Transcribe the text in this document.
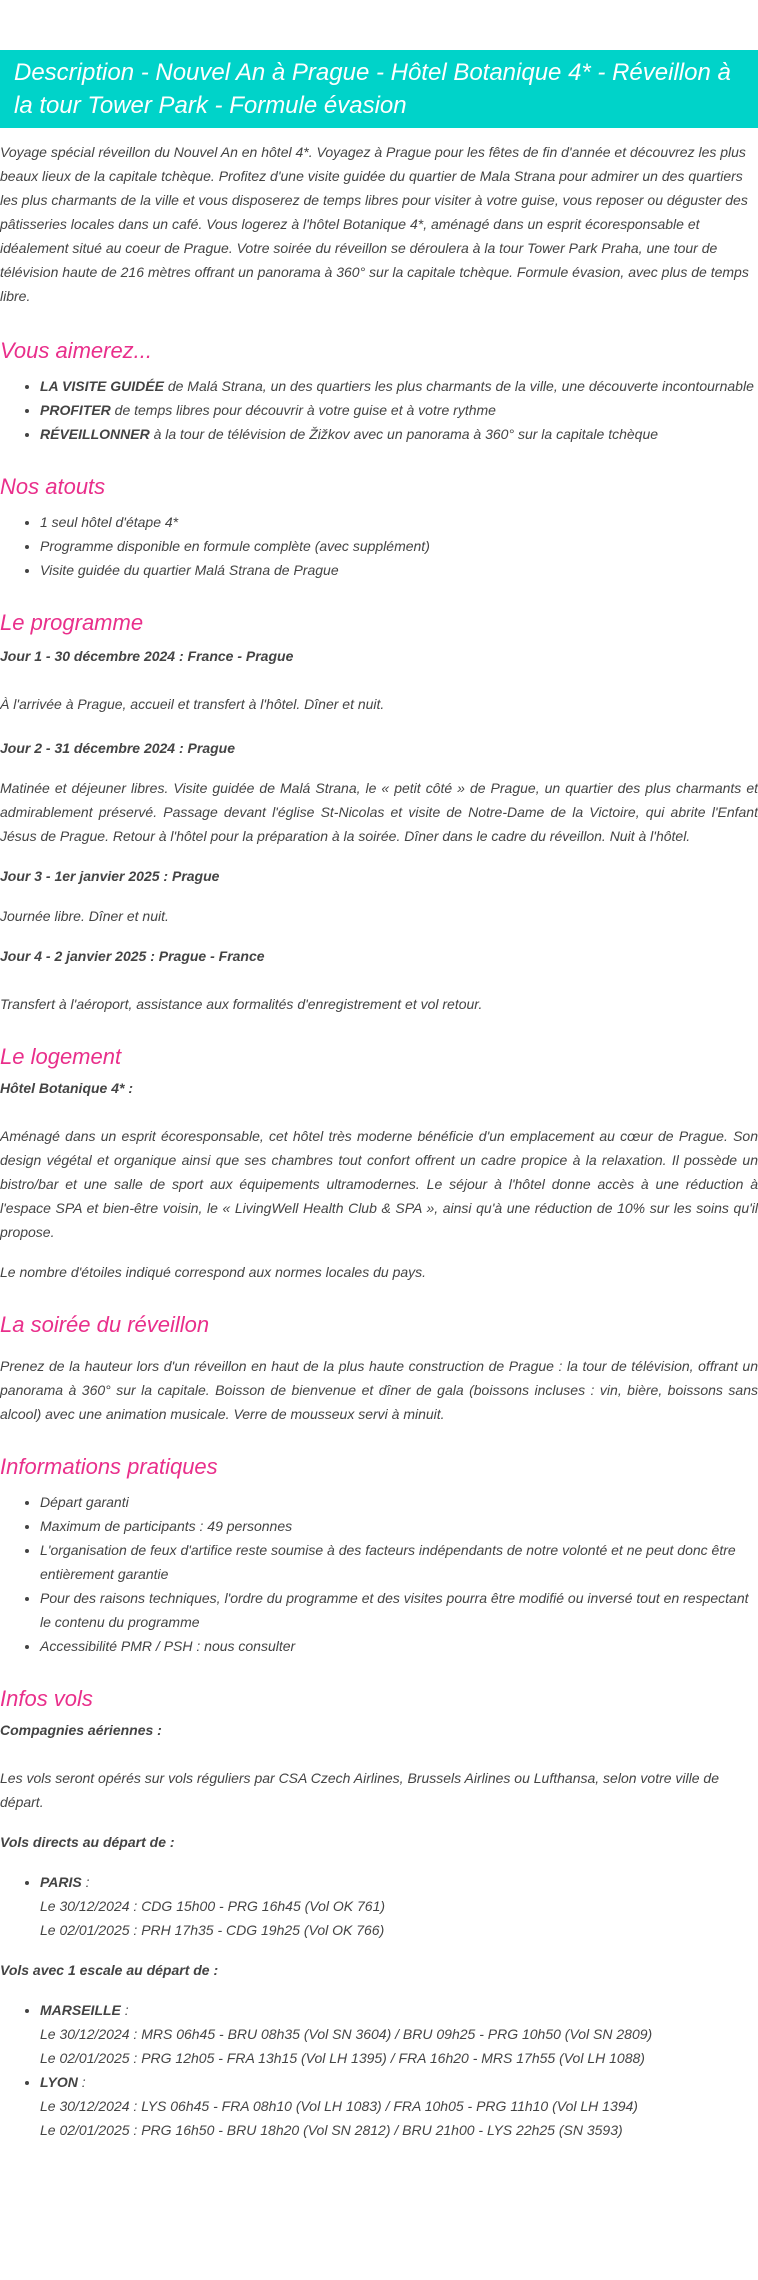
Description - Nouvel An à Prague - Hôtel Botanique 4* - Réveillon à la tour Tower Park - Formule évasion

Voyage spécial réveillon du Nouvel An en hôtel 4*. Voyagez à Prague pour les fêtes de fin d'année et découvrez les plus beaux lieux de la capitale tchèque. Profitez d'une visite guidée du quartier de Mala Strana pour admirer un des quartiers les plus charmants de la ville et vous disposerez de temps libres pour visiter à votre guise, vous reposer ou déguster des pâtisseries locales dans un café. Vous logerez à l'hôtel Botanique 4*, aménagé dans un esprit écoresponsable et idéalement situé au coeur de Prague. Votre soirée du réveillon se déroulera à la tour Tower Park Praha, une tour de télévision haute de 216 mètres offrant un panorama à 360° sur la capitale tchèque. Formule évasion, avec plus de temps libre.

Vous aimerez...
• LA VISITE GUIDÉE de Malá Strana, un des quartiers les plus charmants de la ville, une découverte incontournable
• PROFITER de temps libres pour découvrir à votre guise et à votre rythme
• RÉVEILLONNER à la tour de télévision de Žižkov avec un panorama à 360° sur la capitale tchèque
Nos atouts
• 1 seul hôtel d'étape 4*
• Programme disponible en formule complète (avec supplément)
• Visite guidée du quartier Malá Strana de Prague
Le programme
Jour 1 - 30 décembre 2024 : France - Prague

À l'arrivée à Prague, accueil et transfert à l'hôtel. Dîner et nuit.

Jour 2 - 31 décembre 2024 : Prague

Matinée et déjeuner libres. Visite guidée de Malá Strana, le « petit côté » de Prague, un quartier des plus charmants et admirablement préservé. Passage devant l'église St-Nicolas et visite de Notre-Dame de la Victoire, qui abrite l'Enfant Jésus de Prague. Retour à l'hôtel pour la préparation à la soirée. Dîner dans le cadre du réveillon. Nuit à l'hôtel.

Jour 3 - 1er janvier 2025 : Prague

Journée libre. Dîner et nuit.

Jour 4 - 2 janvier 2025 : Prague - France

Transfert à l'aéroport, assistance aux formalités d'enregistrement et vol retour.

Le logement
Hôtel Botanique 4* :

Aménagé dans un esprit écoresponsable, cet hôtel très moderne bénéficie d'un emplacement au cœur de Prague. Son design végétal et organique ainsi que ses chambres tout confort offrent un cadre propice à la relaxation. Il possède un bistro/bar et une salle de sport aux équipements ultramodernes. Le séjour à l'hôtel donne accès à une réduction à l'espace SPA et bien-être voisin, le « LivingWell Health Club & SPA », ainsi qu'à une réduction de 10% sur les soins qu'il propose.

Le nombre d'étoiles indiqué correspond aux normes locales du pays.

La soirée du réveillon

Prenez de la hauteur lors d'un réveillon en haut de la plus haute construction de Prague : la tour de télévision, offrant un panorama à 360° sur la capitale. Boisson de bienvenue et dîner de gala (boissons incluses : vin, bière, boissons sans alcool) avec une animation musicale. Verre de mousseux servi à minuit.

Informations pratiques
• Départ garanti
• Maximum de participants : 49 personnes
• L'organisation de feux d'artifice reste soumise à des facteurs indépendants de notre volonté et ne peut donc être entièrement garantie
• Pour des raisons techniques, l'ordre du programme et des visites pourra être modifié ou inversé tout en respectant le contenu du programme
• Accessibilité PMR / PSH : nous consulter
Infos vols
Compagnies aériennes :

Les vols seront opérés sur vols réguliers par CSA Czech Airlines, Brussels Airlines ou Lufthansa, selon votre ville de départ.

Vols directs au départ de :
• PARIS :
Le 30/12/2024 : CDG 15h00 - PRG 16h45 (Vol OK 761)
Le 02/01/2025 : PRH 17h35 - CDG 19h25 (Vol OK 766)
Vols avec 1 escale au départ de :
• MARSEILLE :
Le 30/12/2024 : MRS 06h45 - BRU 08h35 (Vol SN 3604) / BRU 09h25 - PRG 10h50 (Vol SN 2809)
Le 02/01/2025 : PRG 12h05 - FRA 13h15 (Vol LH 1395) / FRA 16h20 - MRS 17h55 (Vol LH 1088)
• LYON :
Le 30/12/2024 : LYS 06h45 - FRA 08h10 (Vol LH 1083) / FRA 10h05 - PRG 11h10 (Vol LH 1394)
Le 02/01/2025 : PRG 16h50 - BRU 18h20 (Vol SN 2812) / BRU 21h00 - LYS 22h25 (SN 3593)
